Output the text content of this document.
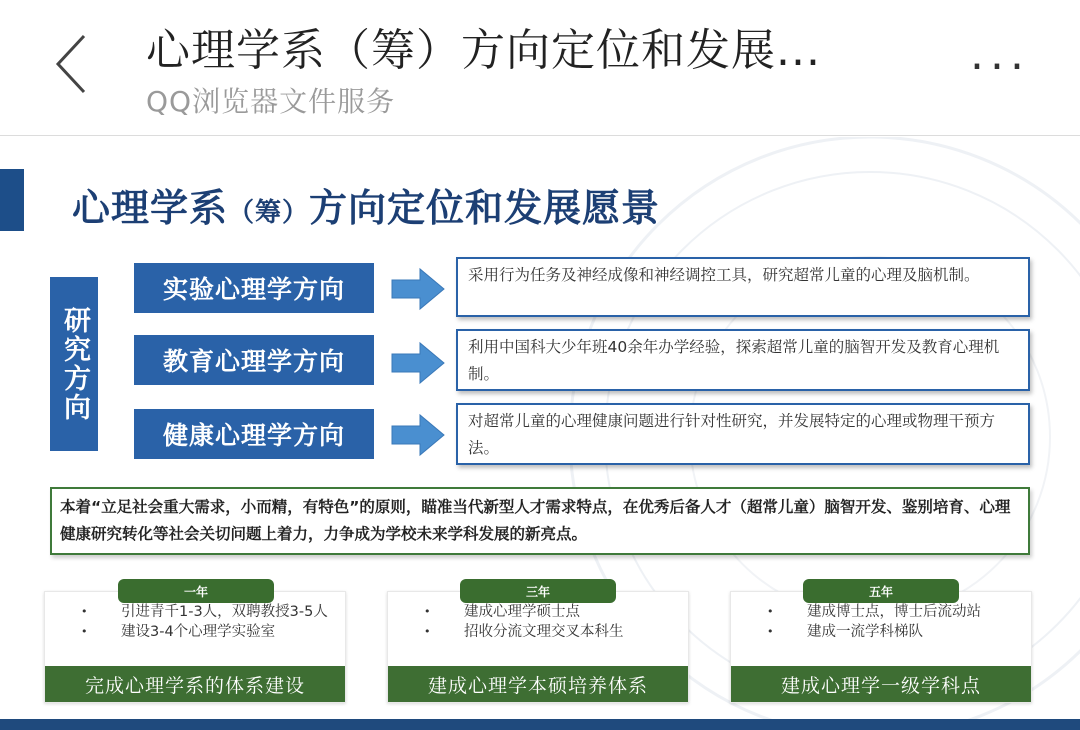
心理学系（筹）方向定位和发展...
QQ浏览器文件服务
...
心理学系（筹）方向定位和发展愿景
研究方向
实验心理学方向	采用行为任务及神经成像和神经调控工具，研究超常儿童的心理及脑机制。
教育心理学方向	利用中国科大少年班40余年办学经验，探索超常儿童的脑智开发及教育心理机制。
健康心理学方向	对超常儿童的心理健康问题进行针对性研究，并发展特定的心理或物理干预方法。
本着“立足社会重大需求，小而精，有特色”的原则，瞄准当代新型人才需求特点，在优秀后备人才（超常儿童）脑智开发、鉴别培育、心理健康研究转化等社会关切问题上着力，力争成为学校未来学科发展的新亮点。
• 引进青千1-3人，双聘教授3-5人
• 建设3-4个心理学实验室
完成心理学系的体系建设
一年
• 建成心理学硕士点
• 招收分流文理交叉本科生
建成心理学本硕培养体系
三年
• 建成博士点，博士后流动站
• 建成一流学科梯队
建成心理学一级学科点
五年
